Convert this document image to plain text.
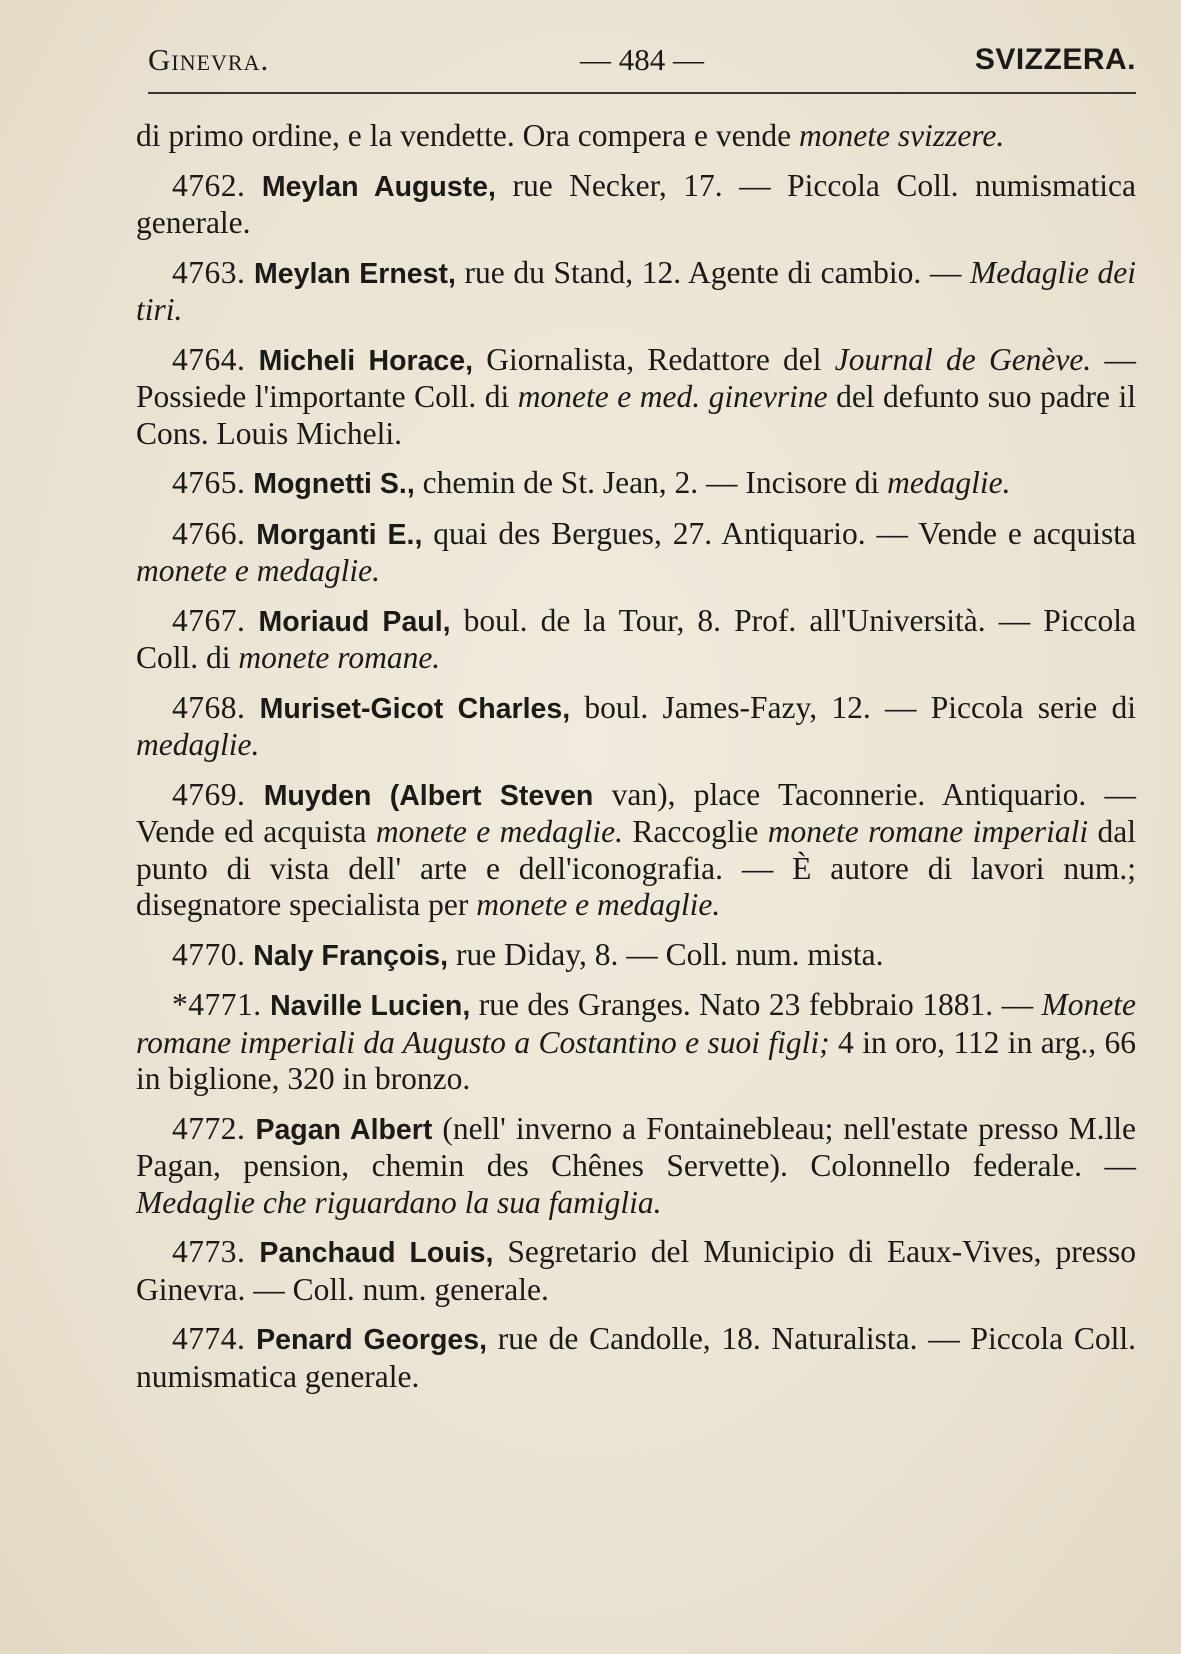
Ginevra.	— 484 —	SVIZZERA.

di primo ordine, e la vendette. Ora compera e vende monete svizzere.

4762. Meylan Auguste, rue Necker, 17. — Piccola Coll. numismatica generale.

4763. Meylan Ernest, rue du Stand, 12. Agente di cambio. — Medaglie dei tiri.

4764. Micheli Horace, Giornalista, Redattore del Journal de Genève. — Possiede l'importante Coll. di monete e med. ginevrine del defunto suo padre il Cons. Louis Micheli.

4765. Mognetti S., chemin de St. Jean, 2. — Incisore di medaglie.

4766. Morganti E., quai des Bergues, 27. Antiquario. — Vende e acquista monete e medaglie.

4767. Moriaud Paul, boul. de la Tour, 8. Prof. all'Università. — Piccola Coll. di monete romane.

4768. Muriset-Gicot Charles, boul. James-Fazy, 12. — Piccola serie di medaglie.

4769. Muyden (Albert Steven van), place Taconnerie. Antiquario. — Vende ed acquista monete e medaglie. Raccoglie monete romane imperiali dal punto di vista dell' arte e dell'iconografia. — È autore di lavori num.; disegnatore specialista per monete e medaglie.

4770. Naly François, rue Diday, 8. — Coll. num. mista.

*4771. Naville Lucien, rue des Granges. Nato 23 febbraio 1881. — Monete romane imperiali da Augusto a Costantino e suoi figli; 4 in oro, 112 in arg., 66 in biglione, 320 in bronzo.

4772. Pagan Albert (nell' inverno a Fontainebleau; nell'estate presso M.lle Pagan, pension, chemin des Chênes Servette). Colonnello federale. — Medaglie che riguardano la sua famiglia.

4773. Panchaud Louis, Segretario del Municipio di Eaux-Vives, presso Ginevra. — Coll. num. generale.

4774. Penard Georges, rue de Candolle, 18. Naturalista. — Piccola Coll. numismatica generale.
